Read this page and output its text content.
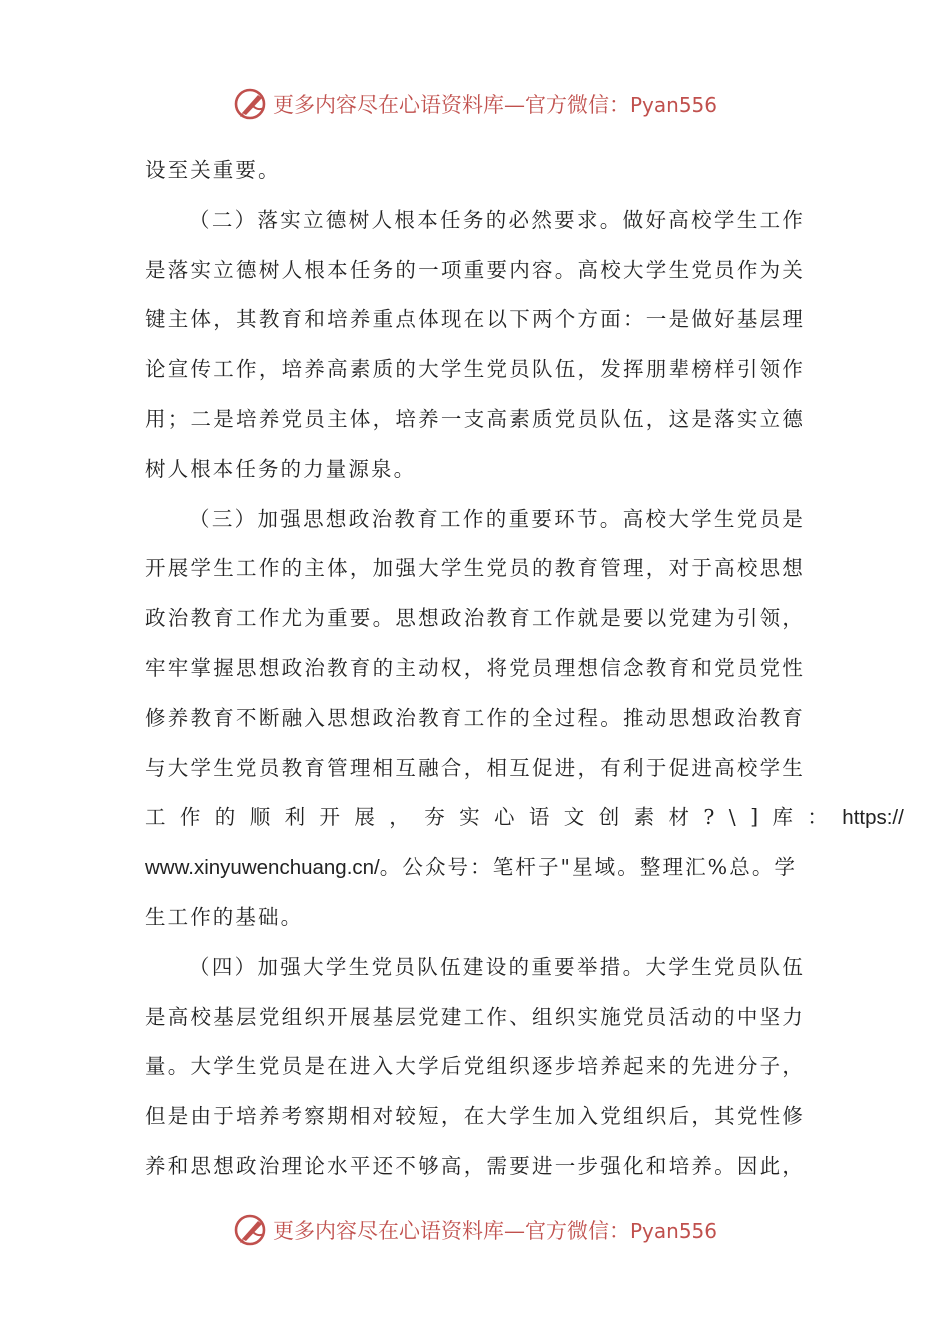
更多内容尽在心语资料库—官方微信：Pyan556
设至关重要。
（二）落实立德树人根本任务的必然要求。做好高校学生工作
是落实立德树人根本任务的一项重要内容。高校大学生党员作为关
键主体，其教育和培养重点体现在以下两个方面：一是做好基层理
论宣传工作，培养高素质的大学生党员队伍，发挥朋辈榜样引领作
用；二是培养党员主体，培养一支高素质党员队伍，这是落实立德
树人根本任务的力量源泉。
（三）加强思想政治教育工作的重要环节。高校大学生党员是
开展学生工作的主体，加强大学生党员的教育管理，对于高校思想
政治教育工作尤为重要。思想政治教育工作就是要以党建为引领，
牢牢掌握思想政治教育的主动权，将党员理想信念教育和党员党性
修养教育不断融入思想政治教育工作的全过程。推动思想政治教育
与大学生党员教育管理相互融合，相互促进，有利于促进高校学生
工作的顺利开展，夯实心语文创素材?\]库： https://
www.xinyuwenchuang.cn/。公众号：笔杆子"星域。整理汇%总。学
生工作的基础。
（四）加强大学生党员队伍建设的重要举措。大学生党员队伍
是高校基层党组织开展基层党建工作、组织实施党员活动的中坚力
量。大学生党员是在进入大学后党组织逐步培养起来的先进分子，
但是由于培养考察期相对较短，在大学生加入党组织后，其党性修
养和思想政治理论水平还不够高，需要进一步强化和培养。因此，
更多内容尽在心语资料库—官方微信：Pyan556
